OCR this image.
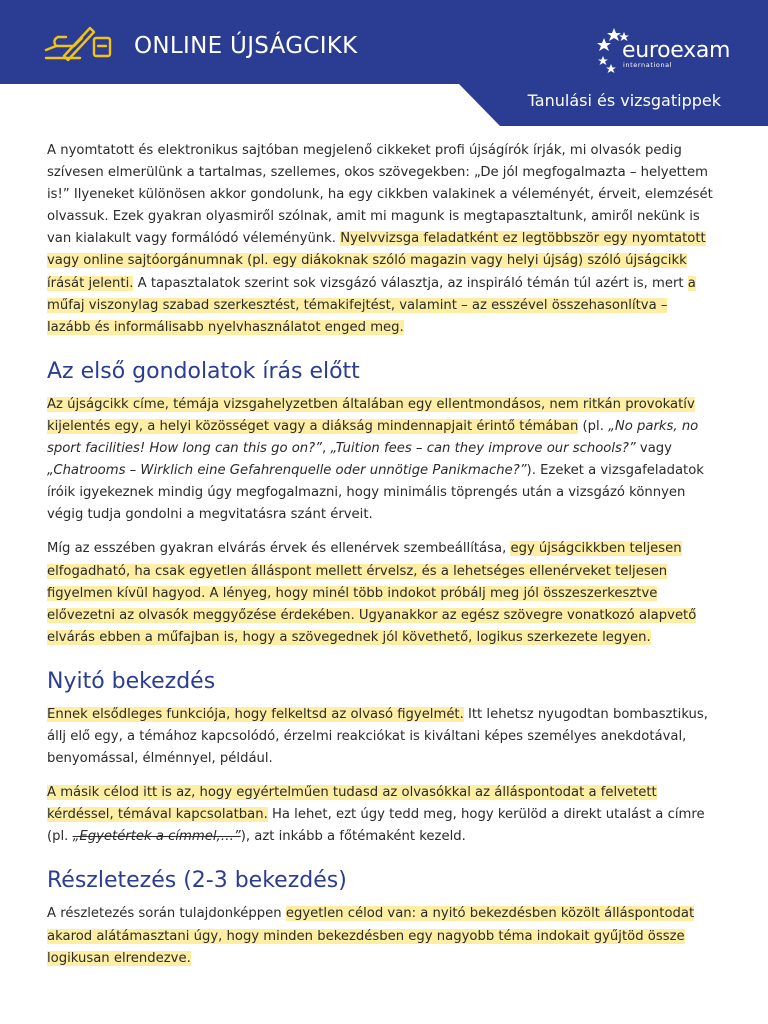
ONLINE ÚJSÁGCIKK	euroexam
international
Tanulási és vizsgatippek

A nyomtatott és elektronikus sajtóban megjelenő cikkeket profi újságírók írják, mi olvasók pedig szívesen elmerülünk a tartalmas, szellemes, okos szövegekben: „De jól megfogalmazta – helyettem is!” Ilyeneket különösen akkor gondolunk, ha egy cikkben valakinek a véleményét, érveit, elemzését olvassuk. Ezek gyakran olyasmiről szólnak, amit mi magunk is megtapasztaltunk, amiről nekünk is van kialakult vagy formálódó véleményünk. Nyelvvizsga feladatként ez legtöbbször egy nyomtatott vagy online sajtóorgánumnak (pl. egy diákoknak szóló magazin vagy helyi újság) szóló újságcikk írását jelenti. A tapasztalatok szerint sok vizsgázó választja, az inspiráló témán túl azért is, mert a műfaj viszonylag szabad szerkesztést, témakifejtést, valamint – az esszével összehasonlítva – lazább és informálisabb nyelvhasználatot enged meg.

Az első gondolatok írás előtt

Az újságcikk címe, témája vizsgahelyzetben általában egy ellentmondásos, nem ritkán provokatív kijelentés egy, a helyi közösséget vagy a diákság mindennapjait érintő témában (pl. „No parks, no sport facilities! How long can this go on?”, „Tuition fees – can they improve our schools?” vagy „Chatrooms – Wirklich eine Gefahrenquelle oder unnötige Panikmache?”). Ezeket a vizsgafeladatok íróik igyekeznek mindig úgy megfogalmazni, hogy minimális töprengés után a vizsgázó könnyen végig tudja gondolni a megvitatásra szánt érveit.

Míg az esszében gyakran elvárás érvek és ellenérvek szembeállítása, egy újságcikkben teljesen elfogadható, ha csak egyetlen álláspont mellett érvelsz, és a lehetséges ellenérveket teljesen figyelmen kívül hagyod. A lényeg, hogy minél több indokot próbálj meg jól összeszerkesztve elővezetni az olvasók meggyőzése érdekében. Ugyanakkor az egész szövegre vonatkozó alapvető elvárás ebben a műfajban is, hogy a szövegednek jól követhető, logikus szerkezete legyen.

Nyitó bekezdés

Ennek elsődleges funkciója, hogy felkeltsd az olvasó figyelmét. Itt lehetsz nyugodtan bombasztikus, állj elő egy, a témához kapcsolódó, érzelmi reakciókat is kiváltani képes személyes anekdotával, benyomással, élménnyel, például.

A másik célod itt is az, hogy egyértelműen tudasd az olvasókkal az álláspontodat a felvetett kérdéssel, témával kapcsolatban. Ha lehet, ezt úgy tedd meg, hogy kerülöd a direkt utalást a címre (pl. „Egyetértek a címmel,…”), azt inkább a főtémaként kezeld.

Részletezés (2-3 bekezdés)

A részletezés során tulajdonképpen egyetlen célod van: a nyitó bekezdésben közölt álláspontodat akarod alátámasztani úgy, hogy minden bekezdésben egy nagyobb téma indokait gyűjtöd össze logikusan elrendezve.
